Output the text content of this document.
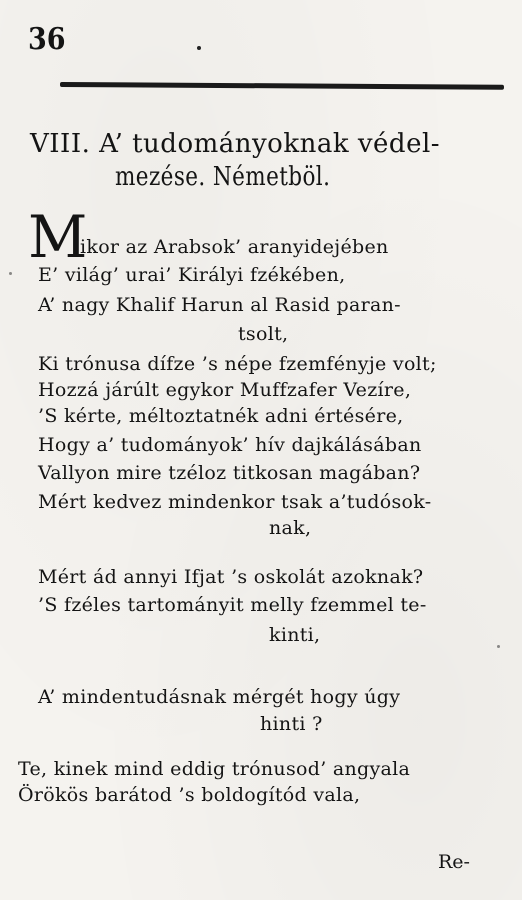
36
VIII. A’ tudományoknak védel-
mezése. Németböl.
M
ikor az Arabsok’ aranyidejében
E’ világ’ urai’ Királyi fzékében,
A’ nagy Khalif Harun al Rasid paran-
tsolt,
Ki trónusa dífze ’s népe fzemfényje volt;
Hozzá járúlt egykor Muffzafer Vezíre,
’S kérte, méltoztatnék adni értésére,
Hogy a’ tudományok’ hív dajkálásában
Vallyon mire tzéloz titkosan magában?
Mért kedvez mindenkor tsak a’tudósok-
nak,
Mért ád annyi Ifjat ’s oskolát azoknak?
’S fzéles tartományit melly fzemmel te-
kinti,
A’ mindentudásnak mérgét hogy úgy
hinti ?
Te, kinek mind eddig trónusod’ angyala
Örökös barátod ’s boldogítód vala,
Re-
